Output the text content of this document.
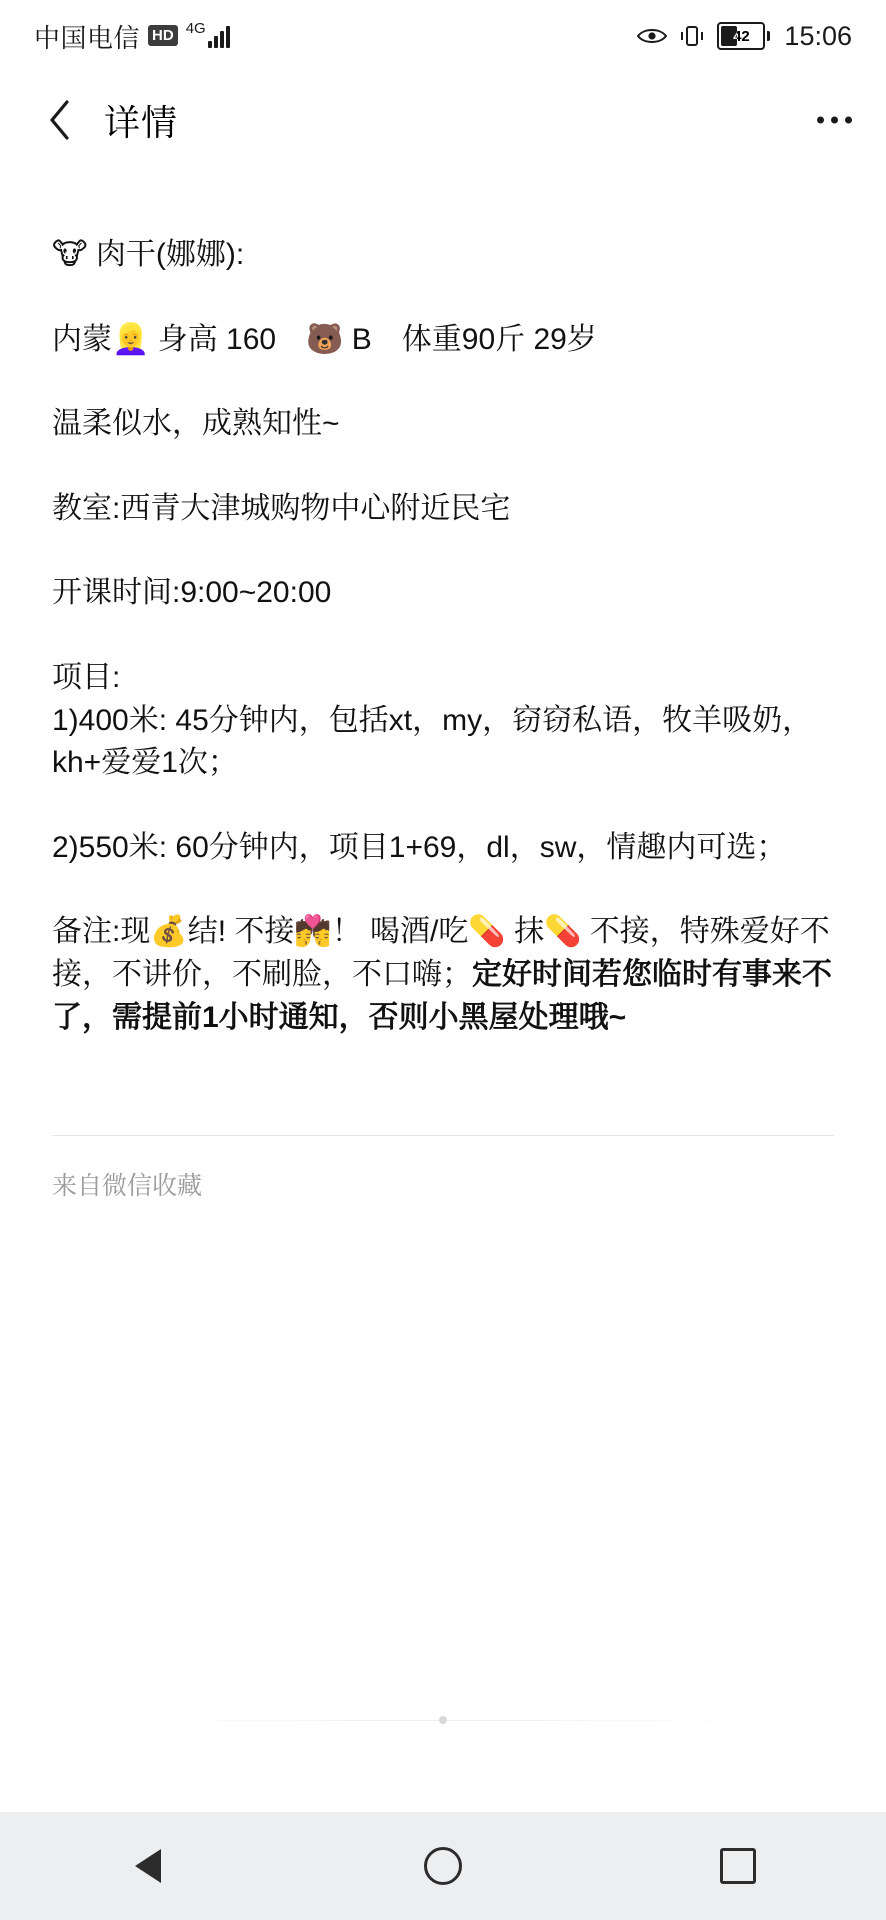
中国电信 HD 4G	42 15:06
详情

🐮 肉干(娜娜):

内蒙👱‍♀️ 身高 160　🐻 B　体重90斤 29岁

温柔似水，成熟知性~

教室:西青大津城购物中心附近民宅

开课时间:9:00~20:00

项目:

1)400米: 45分钟内，包括xt，my，窃窃私语，牧羊吸奶，kh+爱爱1次；

2)550米: 60分钟内，项目1+69，dl，sw，情趣内可选；

备注:现💰结! 不接💏！ 喝酒/吃💊 抹💊 不接，特殊爱好不接，不讲价，不刷脸，不口嗨；定好时间若您临时有事来不了，需提前1小时通知，否则小黑屋处理哦~

来自微信收藏
